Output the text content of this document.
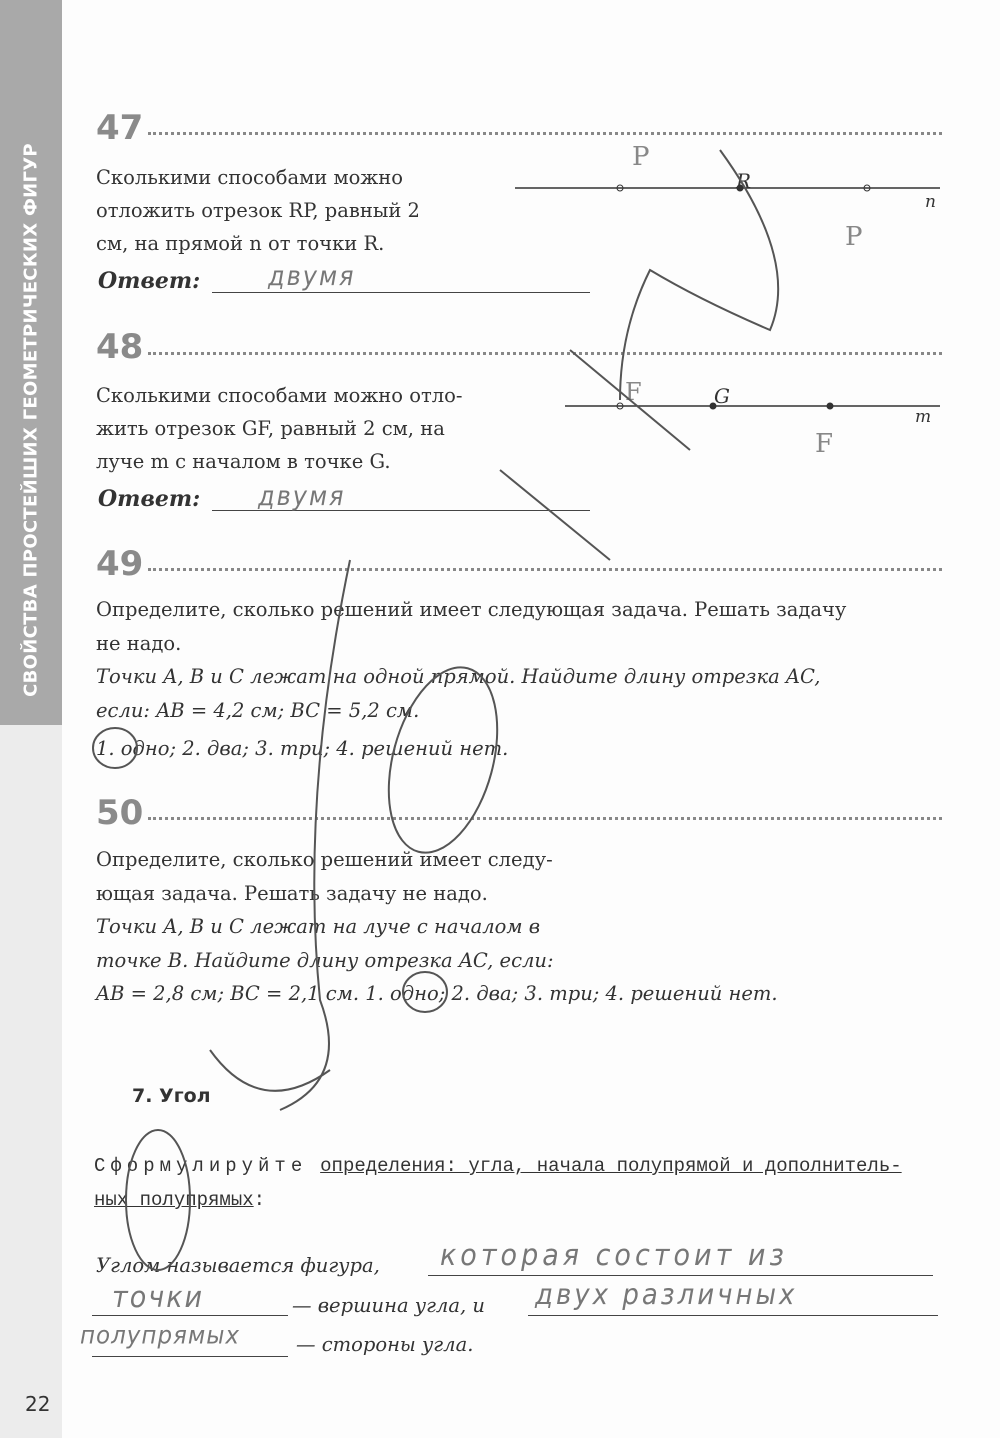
СВОЙСТВА ПРОСТЕЙШИХ ГЕОМЕТРИЧЕСКИХ ФИГУР
47
Сколькими способами можно
отложить отрезок RP, равный 2
см, на прямой n от точки R.
Ответ:	двумя
48
Сколькими способами можно отло-
жить отрезок GF, равный 2 см, на
луче m с началом в точке G.
Ответ: двумя
49
Определите, сколько решений имеет следующая задача. Решать задачу
не надо.
Точки A, B и C лежат на одной прямой. Найдите длину отрезка AC,
если: AB = 4,2 см; BC = 5,2 см.
1. одно; 2. два; 3. три; 4. решений нет.
50
Определите, сколько решений имеет следу-
ющая задача. Решать задачу не надо.
Точки A, B и C лежат на луче с началом в
точке B. Найдите длину отрезка AC, если:
AB = 2,8 см; BC = 2,1 см. 1. одно; 2. два; 3. три; 4. решений нет.
7. Угол
Сформулируйте определения: угла, начала полупрямой и дополнитель-
ных полупрямых:
Углом называется фигура, которая состоит из
точки	— вершина угла, и двух различных
полупрямых	— стороны угла.
22
n
P
R
P
m
F	G
F
